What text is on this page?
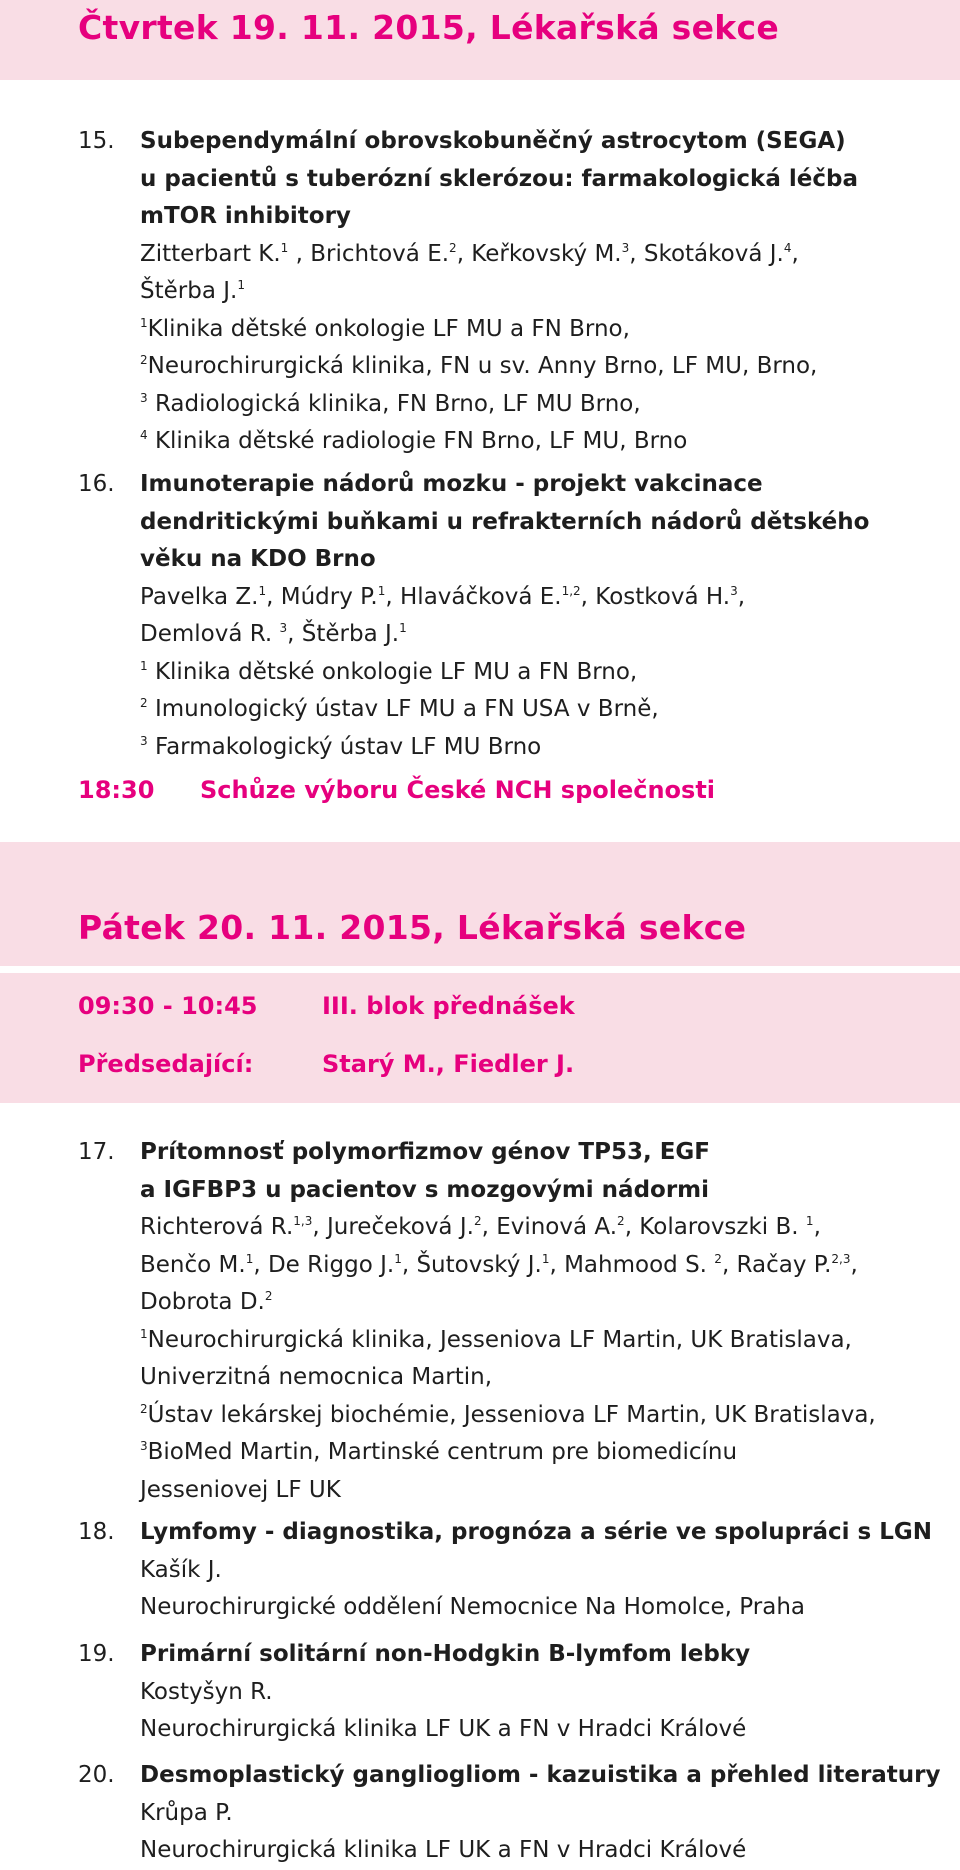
Čtvrtek 19. 11. 2015, Lékařská sekce
15. Subependymální obrovskobuněčný astrocytom (SEGA)
u pacientů s tuberózní sklerózou: farmakologická léčba
mTOR inhibitory
Zitterbart K.$^1$ , Brichtová E.$^2$, Keřkovský M.$^3$, Skotáková J.$^4$,
Štěrba J.$^1$
$^1$Klinika dětské onkologie LF MU a FN Brno,
$^2$Neurochirurgická klinika, FN u sv. Anny Brno, LF MU, Brno,
$^3$ Radiologická klinika, FN Brno, LF MU Brno,
$^4$ Klinika dětské radiologie FN Brno, LF MU, Brno
16. Imunoterapie nádorů mozku - projekt vakcinace
dendritickými buňkami u refrakterních nádorů dětského
věku na KDO Brno
Pavelka Z.$^1$, Múdry P.$^1$, Hlaváčková E.$^{1,2}$, Kostková H.$^3$,
Demlová R. $^3$, Štěrba J.$^1$
$^1$ Klinika dětské onkologie LF MU a FN Brno,
$^2$ Imunologický ústav LF MU a FN USA v Brně,
$^3$ Farmakologický ústav LF MU Brno
18:30 Schůze výboru České NCH společnosti
Pátek 20. 11. 2015, Lékařská sekce
09:30 - 10:45	III. blok přednášek
Předsedající:	Starý M., Fiedler J.
17. Prítomnosť polymorfizmov génov TP53, EGF
a IGFBP3 u pacientov s mozgovými nádormi
Richterová R.$^{1,3}$, Jurečeková J.$^2$, Evinová A.$^2$, Kolarovszki B. $^1$,
Benčo M.$^1$, De Riggo J.$^1$, Šutovský J.$^1$, Mahmood S. $^2$, Račay P.$^{2,3}$,
Dobrota D.$^2$
$^1$Neurochirurgická klinika, Jesseniova LF Martin, UK Bratislava,
Univerzitná nemocnica Martin,
$^2$Ústav lekárskej biochémie, Jesseniova LF Martin, UK Bratislava,
$^3$BioMed Martin, Martinské centrum pre biomedicínu
Jesseniovej LF UK
18. Lymfomy - diagnostika, prognóza a série ve spolupráci s LGN
Kašík J.
Neurochirurgické oddělení Nemocnice Na Homolce, Praha
19. Primární solitární non-Hodgkin B-lymfom lebky
Kostyšyn R.
Neurochirurgická klinika LF UK a FN v Hradci Králové
20. Desmoplastický gangliogliom - kazuistika a přehled literatury
Krůpa P.
Neurochirurgická klinika LF UK a FN v Hradci Králové
